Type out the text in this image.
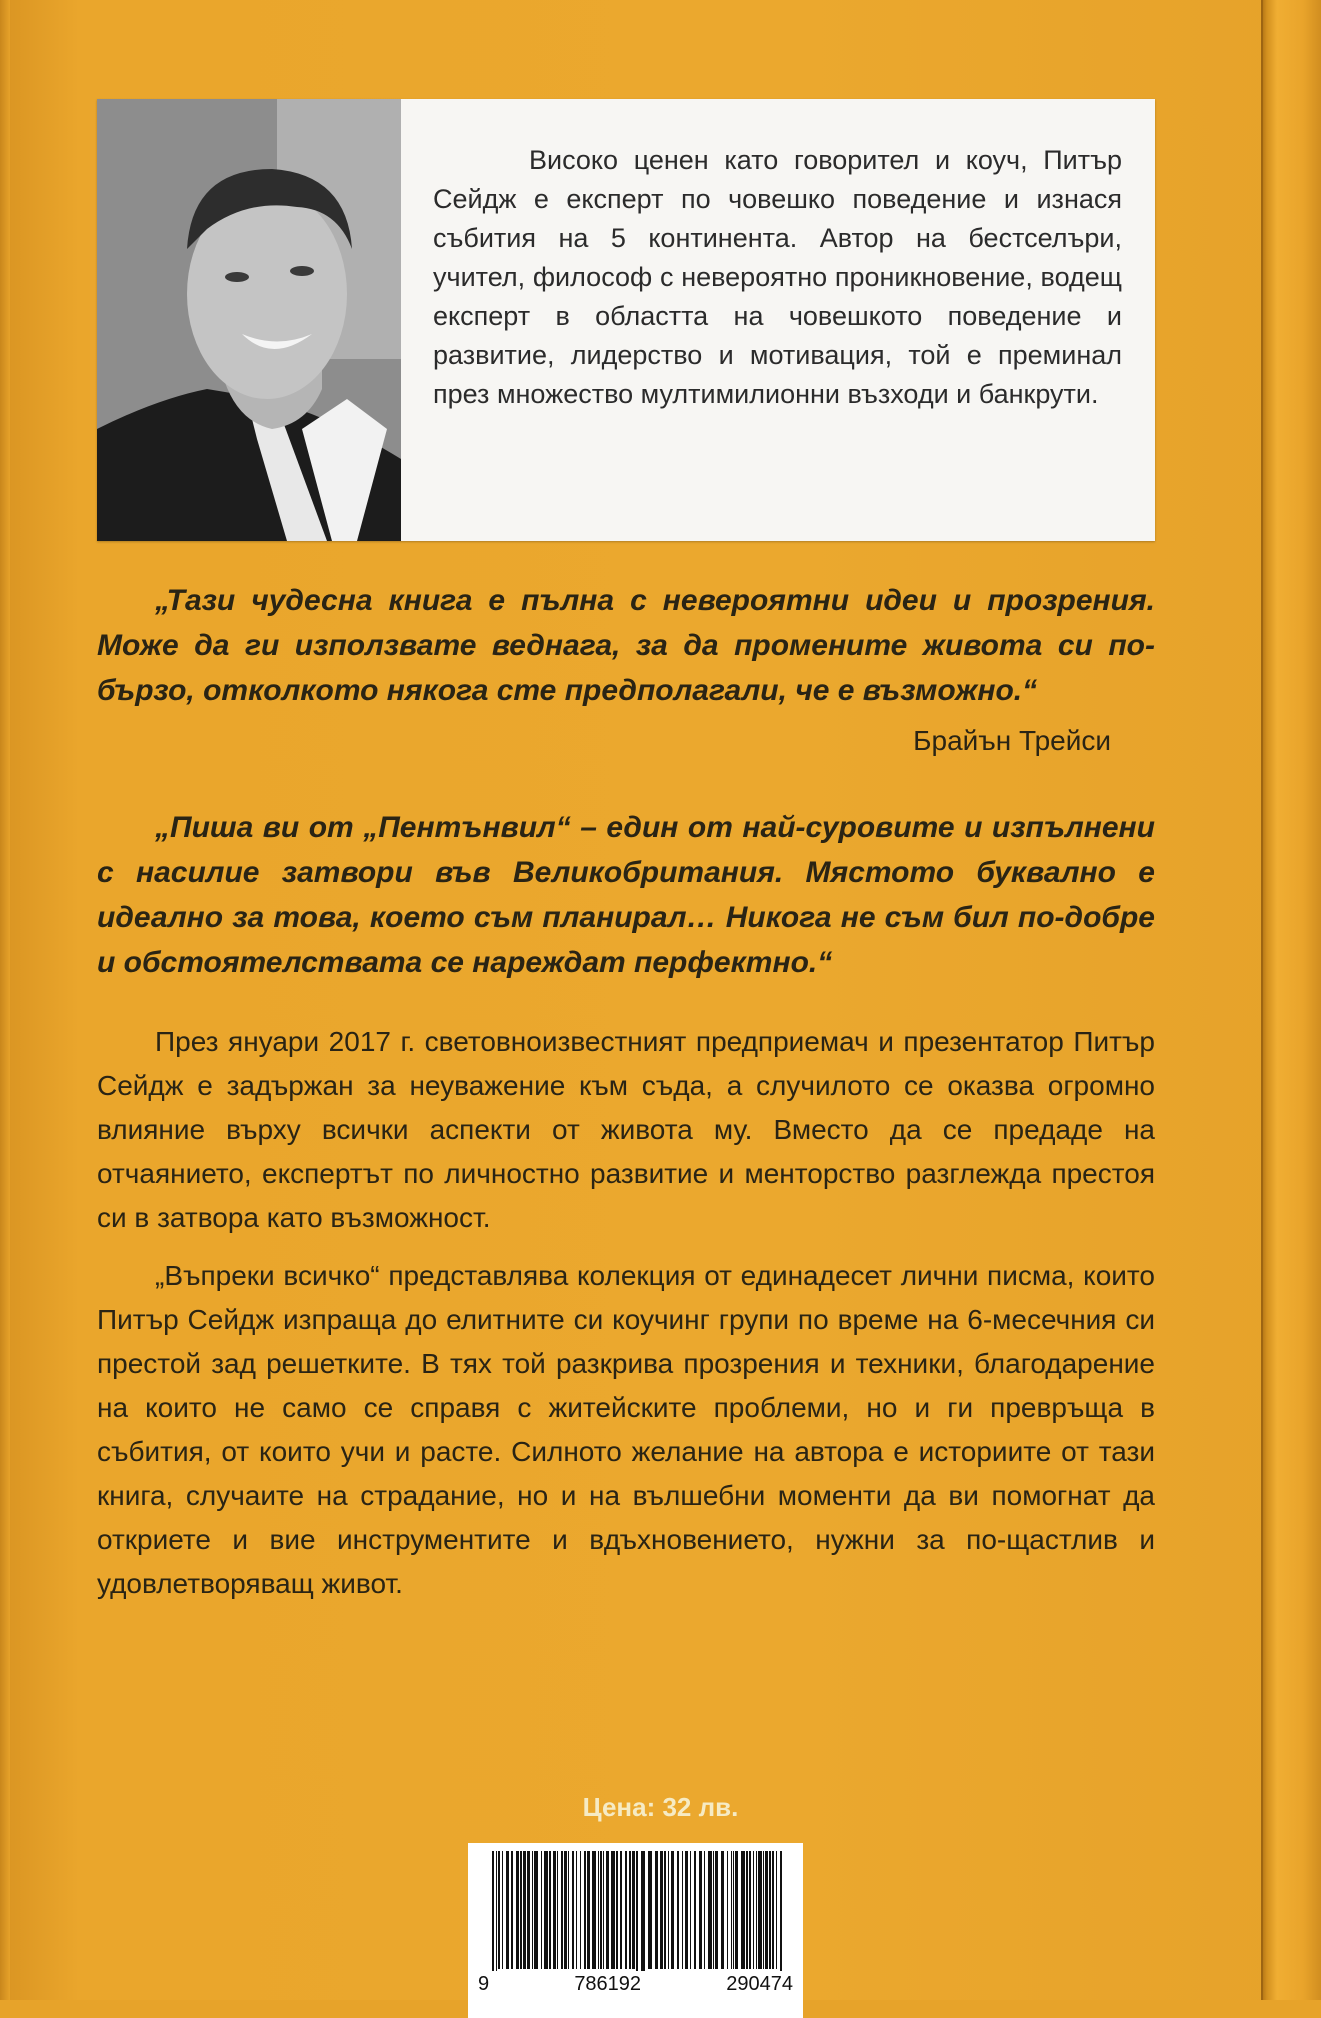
Високо ценен като говорител и коуч, Питър Сейдж е експерт по човешко поведение и изнася събития на 5 континента. Автор на бестселъри, учител, философ с невероятно проникновение, водещ експерт в областта на човешкото поведение и развитие, лидерство и мотивация, той е преминал през множество мултимилионни възходи и банкрути.
„Тази чудесна книга е пълна с невероятни идеи и прозрения. Може да ги използвате веднага, за да промените живота си по-бързо, отколкото някога сте предполагали, че е възможно.“
Брайън Трейси
„Пиша ви от „Пентънвил“ – един от най-суровите и изпълнени с насилие затвори във Великобритания. Мястото буквално е идеално за това, което съм планирал… Никога не съм бил по-добре и обстоятелствата се нареждат перфектно.“
През януари 2017 г. световноизвестният предприемач и презентатор Питър Сейдж е задържан за неуважение към съда, а случилото се оказва огромно влияние върху всички аспекти от живота му. Вместо да се предаде на отчаянието, експертът по личностно развитие и менторство разглежда престоя си в затвора като възможност.
„Въпреки всичко“ представлява колекция от единадесет лични писма, които Питър Сейдж изпраща до елитните си коучинг групи по време на 6-месечния си престой зад решетките. В тях той разкрива прозрения и техники, благодарение на които не само се справя с житейските проблеми, но и ги превръща в събития, от които учи и расте. Силното желание на автора е историите от тази книга, случаите на страдание, но и на вълшебни моменти да ви помогнат да откриете и вие инструментите и вдъхновението, нужни за по-щастлив и удовлетворяващ живот.
Цена: 32 лв.
9	786192	290474
